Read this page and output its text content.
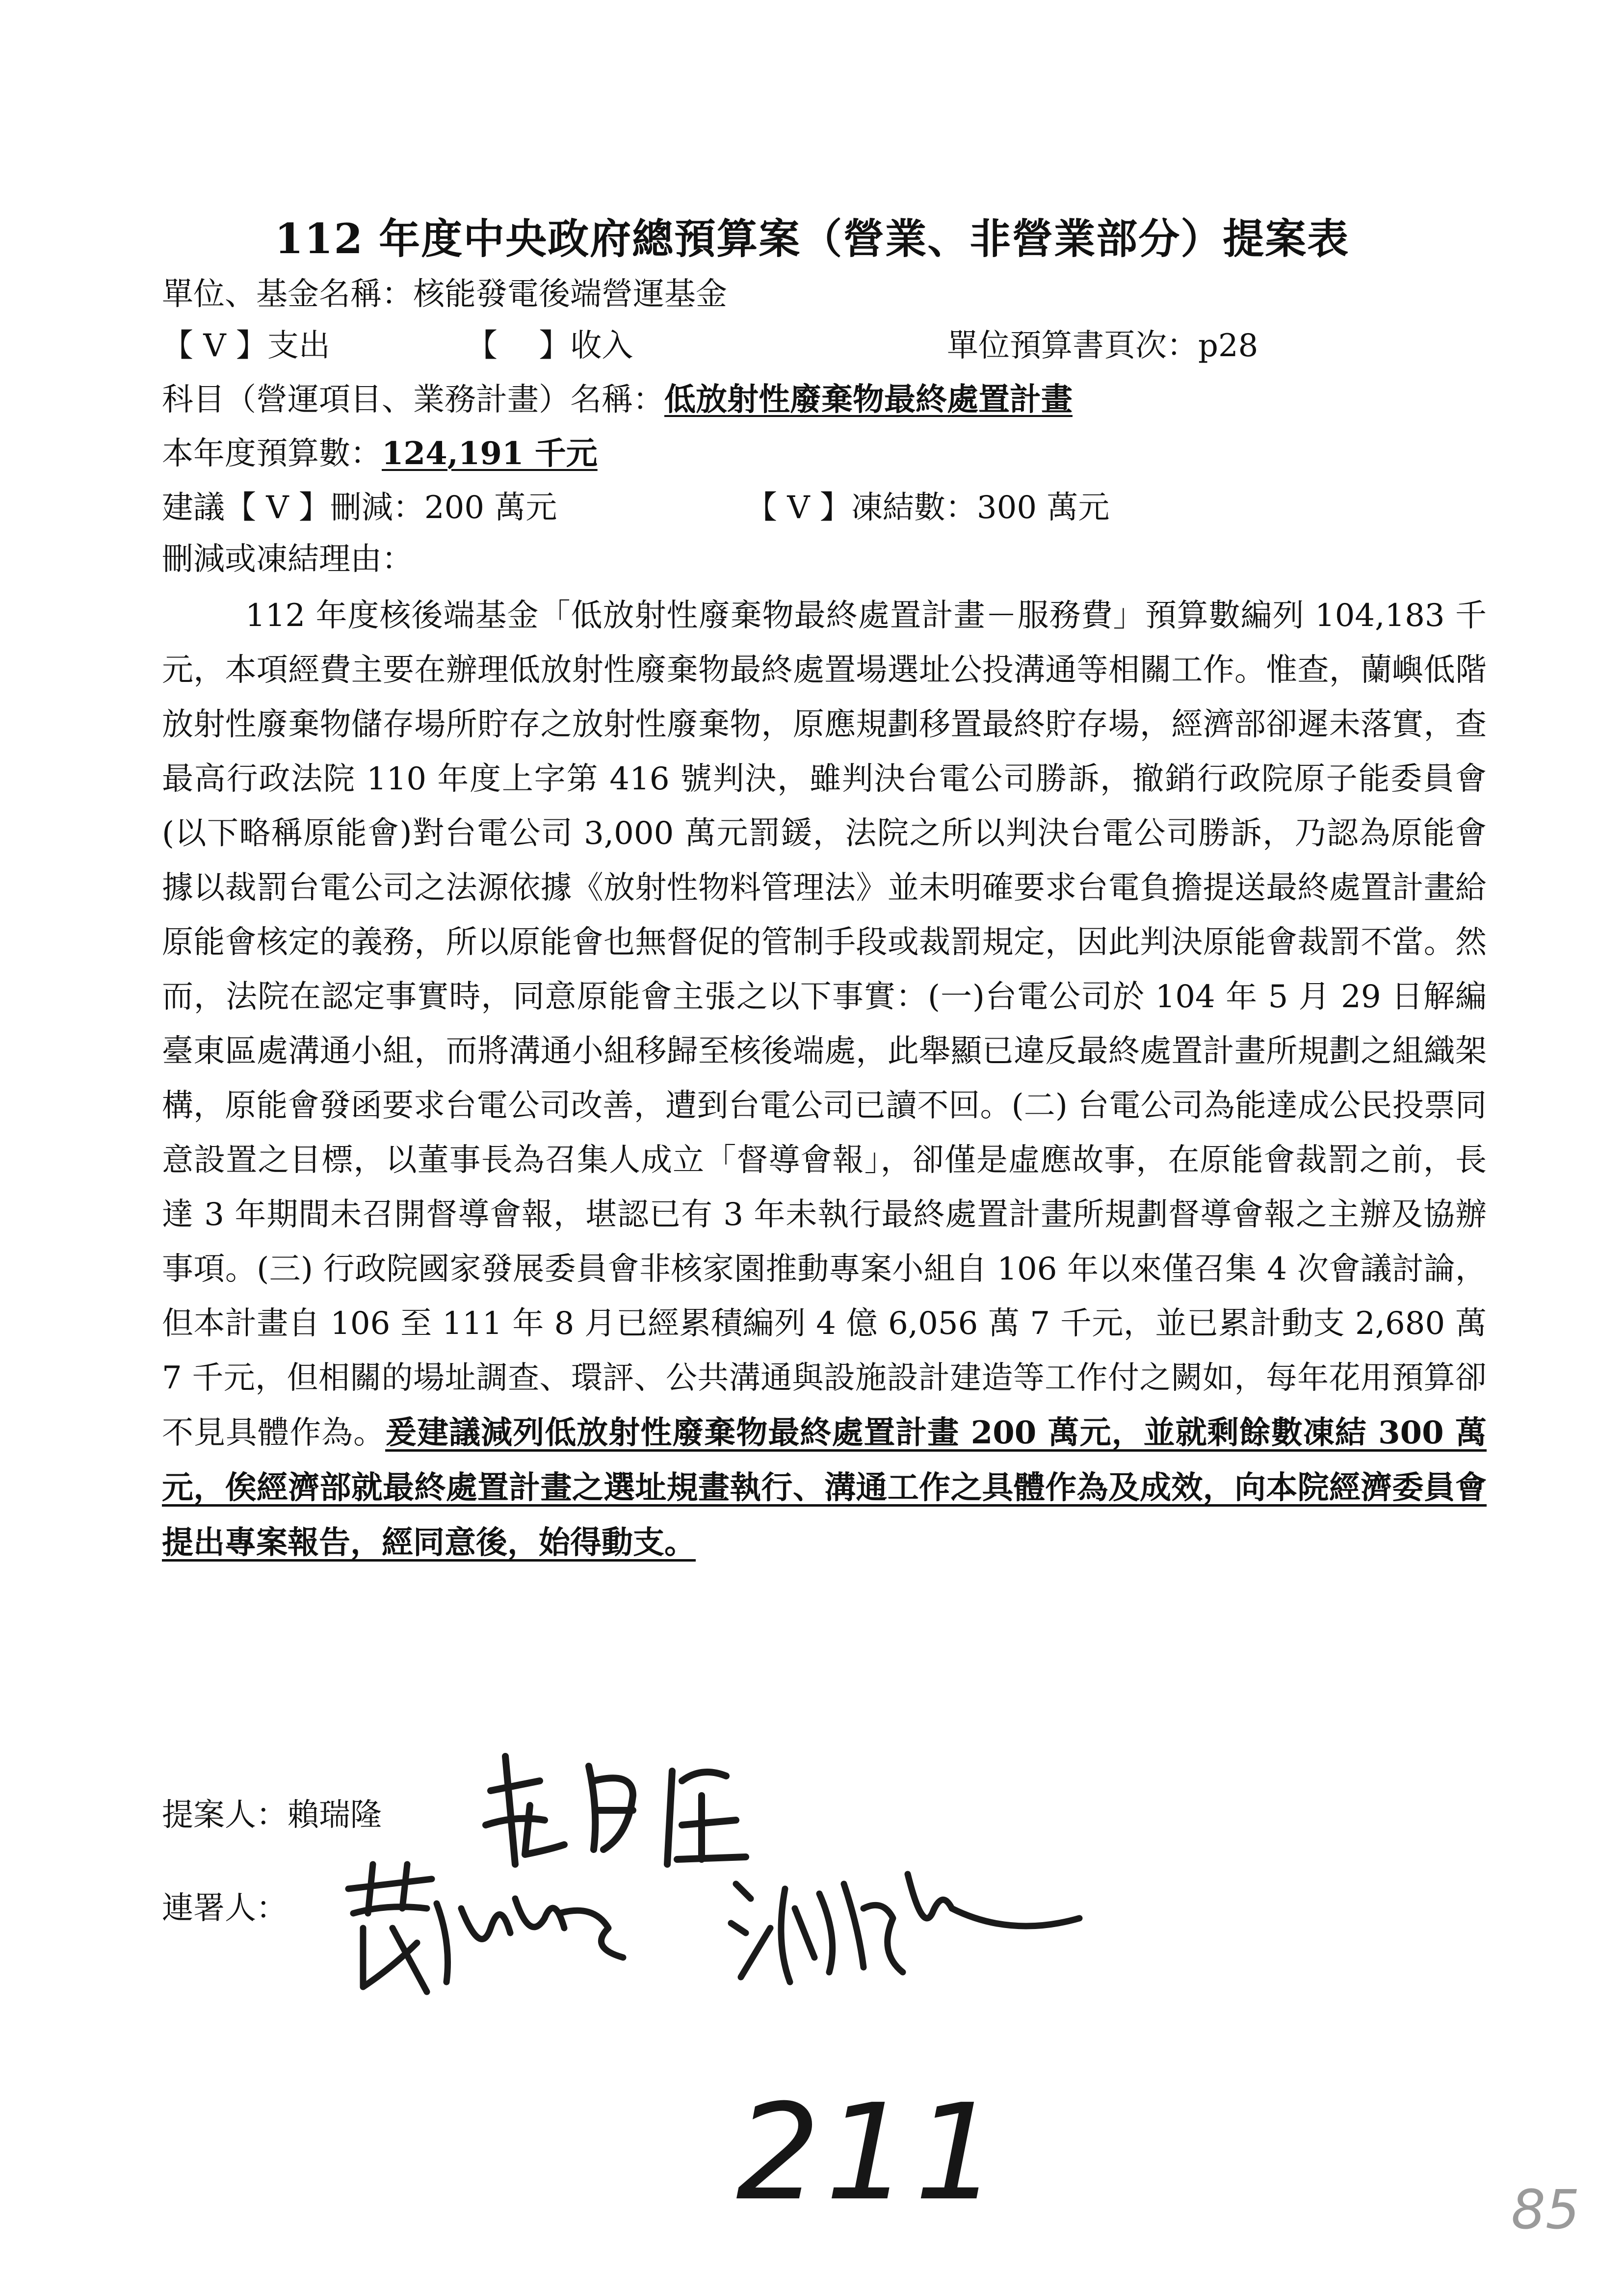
112 年度中央政府總預算案（營業、非營業部分）提案表
單位、基金名稱：核能發電後端營運基金
【 V 】支出	【　 】收入	單位預算書頁次：p28
科目（營運項目、業務計畫）名稱：低放射性廢棄物最終處置計畫
本年度預算數：124,191 千元
建議【 V 】刪減：200 萬元	【 V 】凍結數：300 萬元
刪減或凍結理由：
112 年度核後端基金「低放射性廢棄物最終處置計畫－服務費」預算數編列 104,183 千元，本項經費主要在辦理低放射性廢棄物最終處置場選址公投溝通等相關工作。惟查，蘭嶼低階放射性廢棄物儲存場所貯存之放射性廢棄物，原應規劃移置最終貯存場，經濟部卻遲未落實，查最高行政法院 110 年度上字第 416 號判決，雖判決台電公司勝訴，撤銷行政院原子能委員會(以下略稱原能會)對台電公司 3,000 萬元罰鍰，法院之所以判決台電公司勝訴，乃認為原能會據以裁罰台電公司之法源依據《放射性物料管理法》並未明確要求台電負擔提送最終處置計畫給原能會核定的義務，所以原能會也無督促的管制手段或裁罰規定，因此判決原能會裁罰不當。然而，法院在認定事實時，同意原能會主張之以下事實：(一)台電公司於 104 年 5 月 29 日解編臺東區處溝通小組，而將溝通小組移歸至核後端處，此舉顯已違反最終處置計畫所規劃之組織架構，原能會發函要求台電公司改善，遭到台電公司已讀不回。(二) 台電公司為能達成公民投票同意設置之目標，以董事長為召集人成立「督導會報」，卻僅是虛應故事，在原能會裁罰之前，長達 3 年期間未召開督導會報，堪認已有 3 年未執行最終處置計畫所規劃督導會報之主辦及協辦事項。(三) 行政院國家發展委員會非核家園推動專案小組自 106 年以來僅召集 4 次會議討論，但本計畫自 106 至 111 年 8 月已經累積編列 4 億 6,056 萬 7 千元，並已累計動支 2,680 萬 7 千元，但相關的場址調查、環評、公共溝通與設施設計建造等工作付之闕如，每年花用預算卻不見具體作為。爰建議減列低放射性廢棄物最終處置計畫 200 萬元，並就剩餘數凍結 300 萬元，俟經濟部就最終處置計畫之選址規畫執行、溝通工作之具體作為及成效，向本院經濟委員會提出專案報告，經同意後，始得動支。
提案人：賴瑞隆
連署人：
211	85
